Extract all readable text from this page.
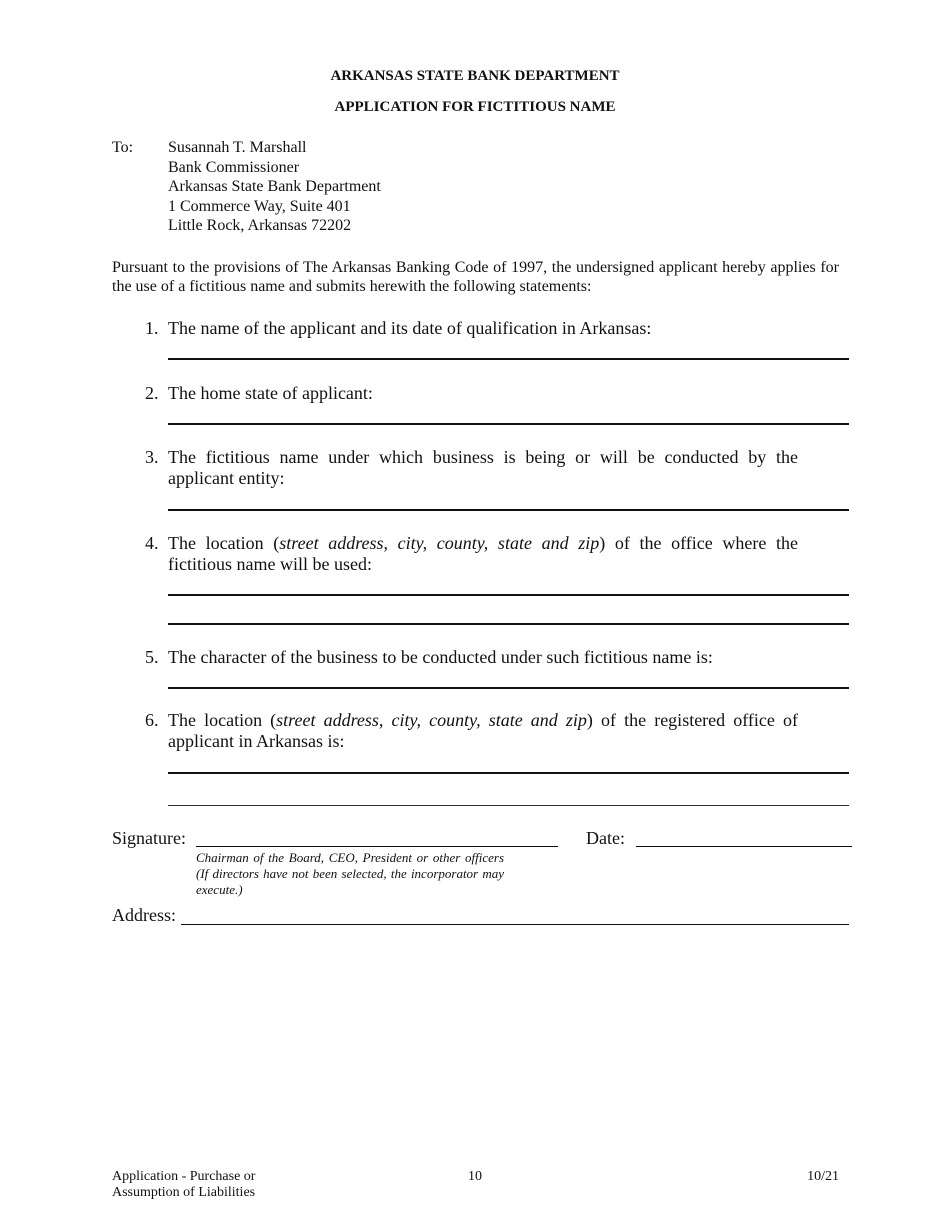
ARKANSAS STATE BANK DEPARTMENT
APPLICATION FOR FICTITIOUS NAME
To: Susannah T. Marshall
Bank Commissioner
Arkansas State Bank Department
1 Commerce Way, Suite 401
Little Rock, Arkansas 72202
Pursuant to the provisions of The Arkansas Banking Code of 1997, the undersigned applicant hereby applies for the use of a fictitious name and submits herewith the following statements:
1. The name of the applicant and its date of qualification in Arkansas:
2. The home state of applicant:
3. The fictitious name under which business is being or will be conducted by the applicant entity:
4. The location (street address, city, county, state and zip) of the office where the fictitious name will be used:
5. The character of the business to be conducted under such fictitious name is:
6. The location (street address, city, county, state and zip) of the registered office of applicant in Arkansas is:
Signature:	Date:
Chairman of the Board, CEO, President or other officers (If directors have not been selected, the incorporator may execute.)
Address:
Application - Purchase or
Assumption of Liabilities
10	10/21
